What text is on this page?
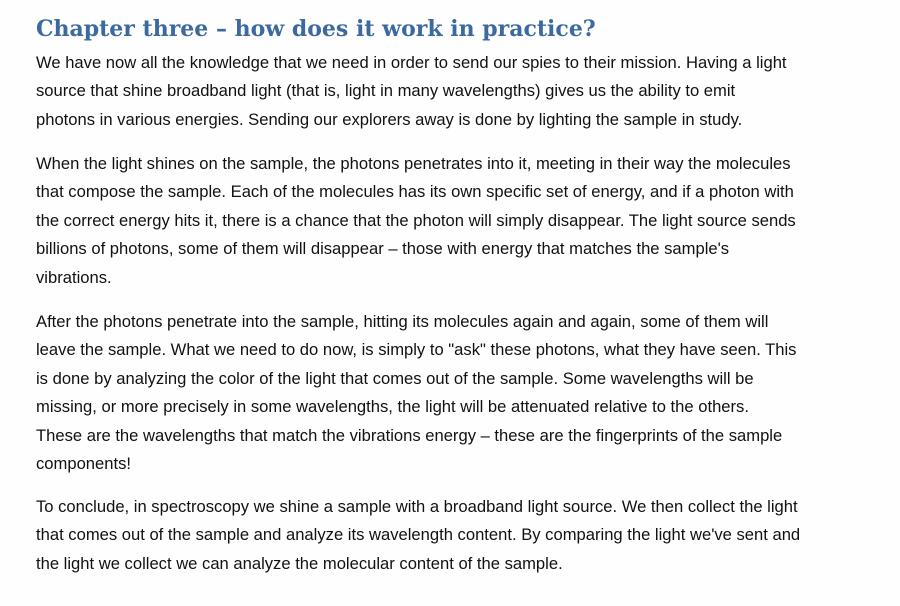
Chapter three – how does it work in practice?

We have now all the knowledge that we need in order to send our spies to their mission. Having a light
source that shine broadband light (that is, light in many wavelengths) gives us the ability to emit
photons in various energies. Sending our explorers away is done by lighting the sample in study.

When the light shines on the sample, the photons penetrates into it, meeting in their way the molecules
that compose the sample. Each of the molecules has its own specific set of energy, and if a photon with
the correct energy hits it, there is a chance that the photon will simply disappear. The light source sends
billions of photons, some of them will disappear – those with energy that matches the sample's
vibrations.

After the photons penetrate into the sample, hitting its molecules again and again, some of them will
leave the sample. What we need to do now, is simply to "ask" these photons, what they have seen. This
is done by analyzing the color of the light that comes out of the sample. Some wavelengths will be
missing, or more precisely in some wavelengths, the light will be attenuated relative to the others.
These are the wavelengths that match the vibrations energy – these are the fingerprints of the sample
components!

To conclude, in spectroscopy we shine a sample with a broadband light source. We then collect the light
that comes out of the sample and analyze its wavelength content. By comparing the light we've sent and
the light we collect we can analyze the molecular content of the sample.
